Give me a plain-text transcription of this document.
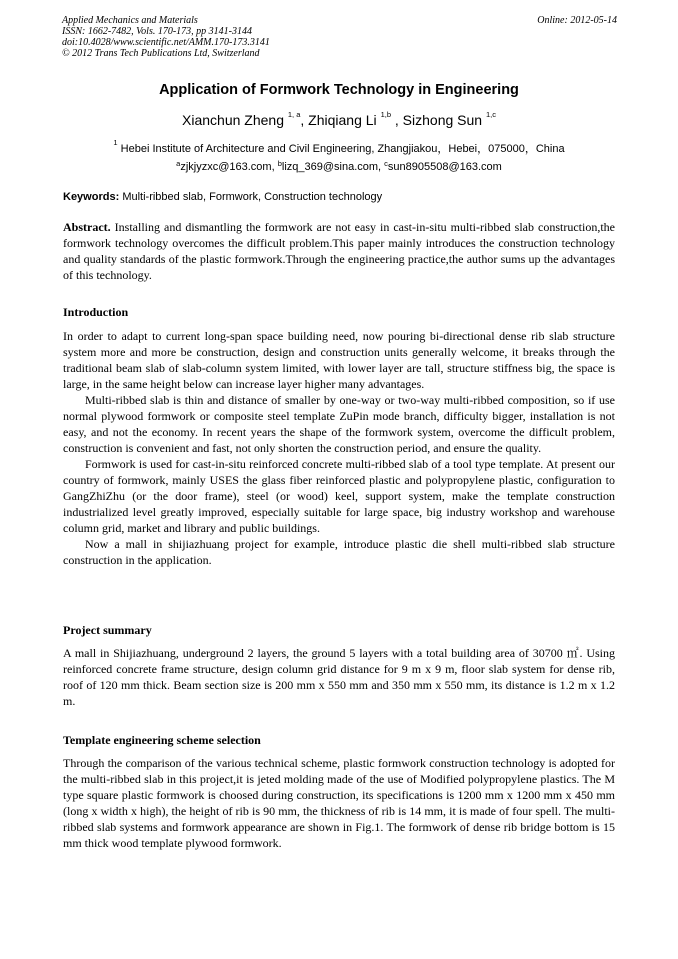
Applied Mechanics and Materials
ISSN: 1662-7482, Vols. 170-173, pp 3141-3144
doi:10.4028/www.scientific.net/AMM.170-173.3141
© 2012 Trans Tech Publications Ltd, Switzerland
Online: 2012-05-14
Application of Formwork Technology in Engineering
Xianchun Zheng $^{1, a}$, Zhiqiang Li $^{1,b}$ , Sizhong Sun $^{1,c}$
$^1$ Hebei Institute of Architecture and Civil Engineering, Zhangjiakou，Hebei，075000，China
$^a$zjkjyzxc@163.com, $^b$lizq_369@sina.com, $^c$sun8905508@163.com
Keywords: Multi-ribbed slab, Formwork, Construction technology

Abstract. Installing and dismantling the formwork are not easy in cast-in-situ multi-ribbed slab construction,the formwork technology overcomes the difficult problem.This paper mainly introduces the construction technology and quality standards of the plastic formwork.Through the engineering practice,the author sums up the advantages of this technology.

Introduction

In order to adapt to current long-span space building need, now pouring bi-directional dense rib slab structure system more and more be construction, design and construction units generally welcome, it breaks through the traditional beam slab of slab-column system limited, with lower layer are tall, structure stiffness big, the space is large, in the same height below can increase layer higher many advantages.

Multi-ribbed slab is thin and distance of smaller by one-way or two-way multi-ribbed composition, so if use normal plywood formwork or composite steel template ZuPin mode branch, difficulty bigger, installation is not easy, and not the economy. In recent years the shape of the formwork system, overcome the difficult problem, construction is convenient and fast, not only shorten the construction period, and ensure the quality.

Formwork is used for cast-in-situ reinforced concrete multi-ribbed slab of a tool type template. At present our country of formwork, mainly USES the glass fiber reinforced plastic and polypropylene plastic, configuration to GangZhiZhu (or the door frame), steel (or wood) keel, support system, make the template construction industrialized level greatly improved, especially suitable for large space, big industry workshop and warehouse column grid, market and library and public buildings.

Now a mall in shijiazhuang project for example, introduce plastic die shell multi-ribbed slab structure construction in the application.

Project summary

A mall in Shijiazhuang, underground 2 layers, the ground 5 layers with a total building area of 30700 ㎡. Using reinforced concrete frame structure, design column grid distance for 9 m x 9 m, floor slab system for dense rib, roof of 120 mm thick. Beam section size is 200 mm x 550 mm and 350 mm x 550 mm, its distance is 1.2 m x 1.2 m.

Template engineering scheme selection

Through the comparison of the various technical scheme, plastic formwork construction technology is adopted for the multi-ribbed slab in this project,it is jeted molding made of the use of Modified polypropylene plastics. The M type square plastic formwork is choosed during construction, its specifications is 1200 mm x 1200 mm x 450 mm (long x width x high), the height of rib is 90 mm, the thickness of rib is 14 mm, it is made of four spell. The multi-ribbed slab systems and formwork appearance are shown in Fig.1. The formwork of dense rib bridge bottom is 15 mm thick wood template plywood formwork.
